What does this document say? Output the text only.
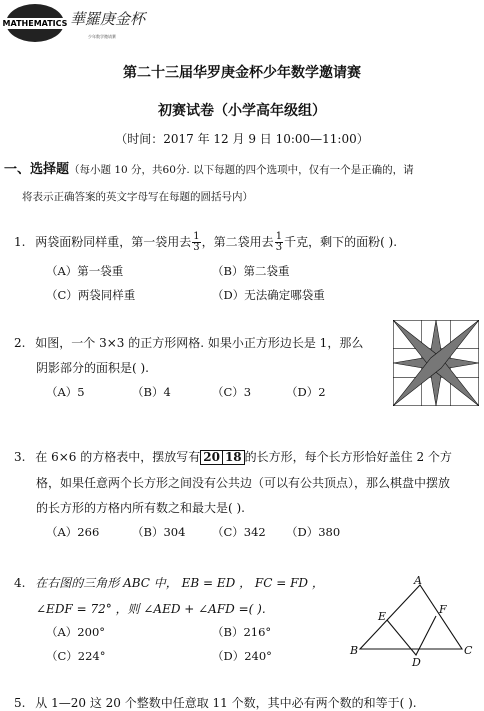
MATHEMATICS 華羅庚金杯
少年数学邀请赛
第二十三届华罗庚金杯少年数学邀请赛
初赛试卷（小学高年级组）
（时间：2017 年 12 月 9 日 10:00—11:00）
一、选择题（每小题 10 分，共60分. 以下每题的四个选项中，仅有一个是正确的，请
将表示正确答案的英文字母写在每题的圆括号内）
1. 两袋面粉同样重，第一袋用去 $\frac{1}{3}$ ，第二袋用去 $\frac{1}{3}$ 千克，剩下的面粉( ).
（A）第一袋重	（B）第二袋重
（C）两袋同样重	（D）无法确定哪袋重
2. 如图，一个 3×3 的正方形网格. 如果小正方形边长是 1，那么
阴影部分的面积是( ).
（A）5	（B）4	（C）3	（D）2
3. 在 6×6 的方格表中，摆放写有 20 18 的长方形，每个长方形恰好盖住 2 个方
格，如果任意两个长方形之间没有公共边（可以有公共顶点），那么棋盘中摆放
的长方形的方格内所有数之和最大是( ).
（A）266	（B）304 （C）342 （D）380
4. 在右图的三角形 ABC 中， EB = ED ， FC = FD ，
∠EDF = 72° ，则 ∠AED + ∠AFD =( ).
（A）200°	（B）216°
（C）224°	（D）240°
A
B	C
D
E
F
5. 从 1—20 这 20 个整数中任意取 11 个数，其中必有两个数的和等于( ).
